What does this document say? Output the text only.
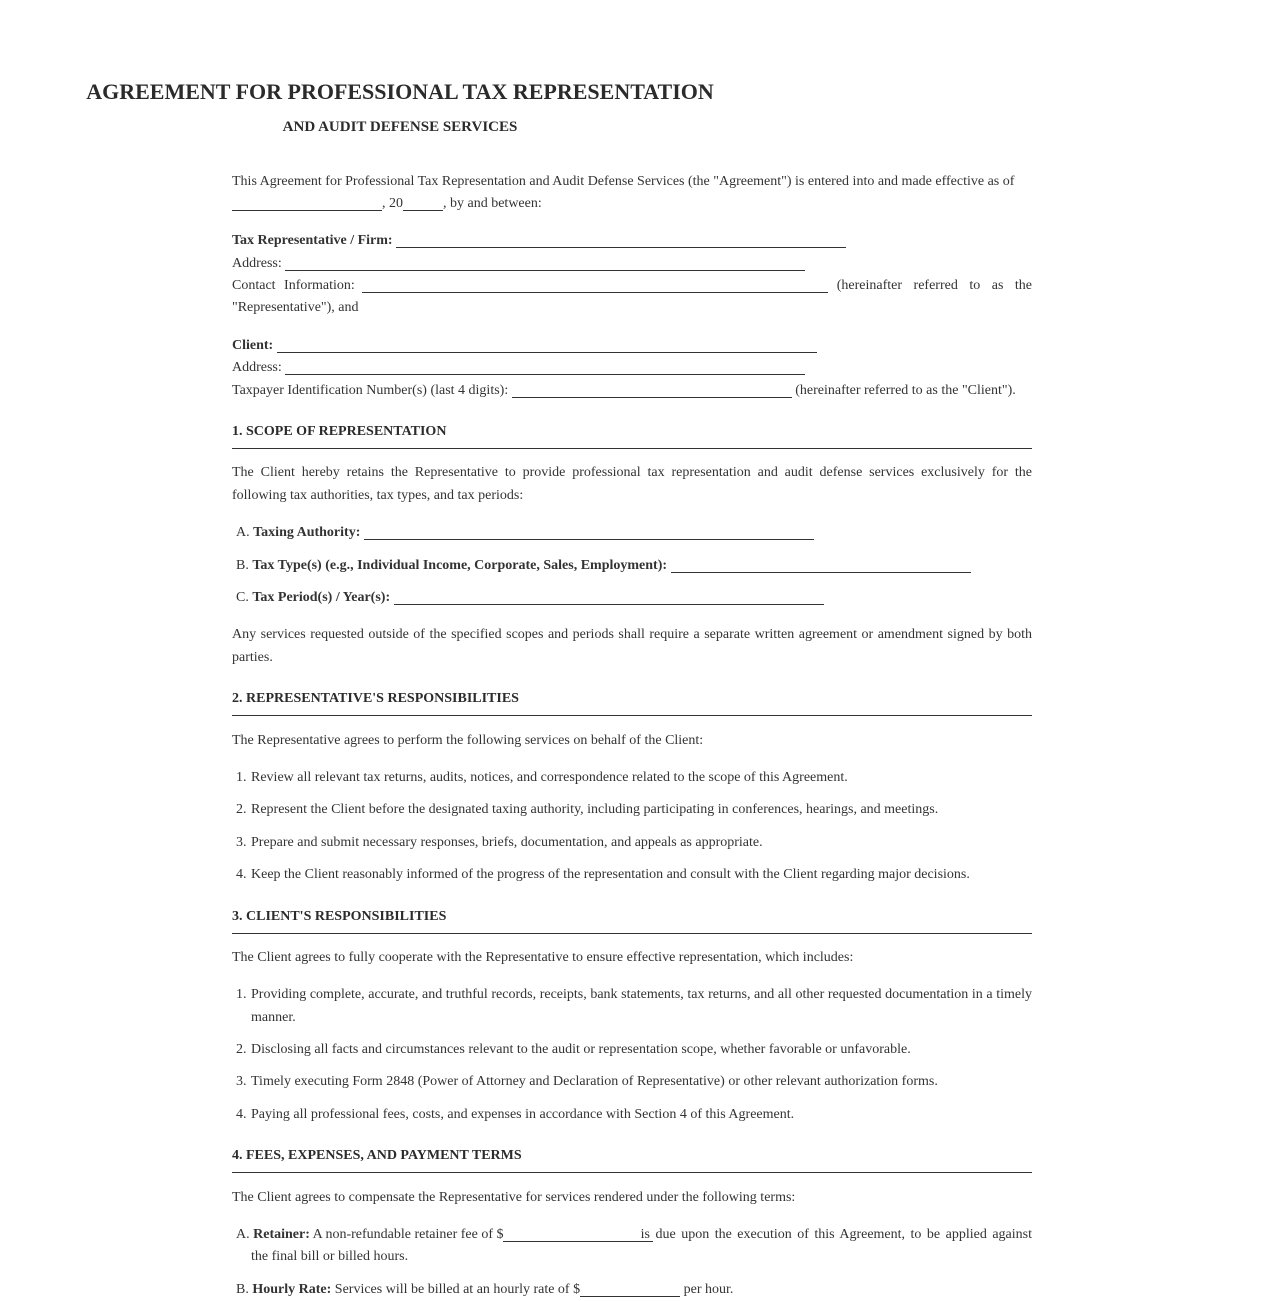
AGREEMENT FOR PROFESSIONAL TAX REPRESENTATION
AND AUDIT DEFENSE SERVICES
This Agreement for Professional Tax Representation and Audit Defense Services (the "Agreement") is entered into and made effective as of
, 20	, by and between:
Tax Representative / Firm:
Address:
Contact Information:	(hereinafter referred to as the
"Representative"), and
Client:
Address:
Taxpayer Identification Number(s) (last 4 digits):	(hereinafter referred to as the "Client").
1. SCOPE OF REPRESENTATION
The Client hereby retains the Representative to provide professional tax representation and audit defense services exclusively for the following tax authorities, tax types, and tax periods:
A. Taxing Authority:
B. Tax Type(s) (e.g., Individual Income, Corporate, Sales, Employment):
C. Tax Period(s) / Year(s):
Any services requested outside of the specified scopes and periods shall require a separate written agreement or amendment signed by both parties.
2. REPRESENTATIVE'S RESPONSIBILITIES
The Representative agrees to perform the following services on behalf of the Client:
1. Review all relevant tax returns, audits, notices, and correspondence related to the scope of this Agreement.
2. Represent the Client before the designated taxing authority, including participating in conferences, hearings, and meetings.
3. Prepare and submit necessary responses, briefs, documentation, and appeals as appropriate.
4. Keep the Client reasonably informed of the progress of the representation and consult with the Client regarding major decisions.
3. CLIENT'S RESPONSIBILITIES
The Client agrees to fully cooperate with the Representative to ensure effective representation, which includes:
1. Providing complete, accurate, and truthful records, receipts, bank statements, tax returns, and all other requested documentation in a timely manner.
2. Disclosing all facts and circumstances relevant to the audit or representation scope, whether favorable or unfavorable.
3. Timely executing Form 2848 (Power of Attorney and Declaration of Representative) or other relevant authorization forms.
4. Paying all professional fees, costs, and expenses in accordance with Section 4 of this Agreement.
4. FEES, EXPENSES, AND PAYMENT TERMS
The Client agrees to compensate the Representative for services rendered under the following terms:
A. Retainer: A non-refundable retainer fee of $	is due upon the execution of this Agreement, to be applied against
the final bill or billed hours.
B. Hourly Rate: Services will be billed at an hourly rate of $	per hour.
